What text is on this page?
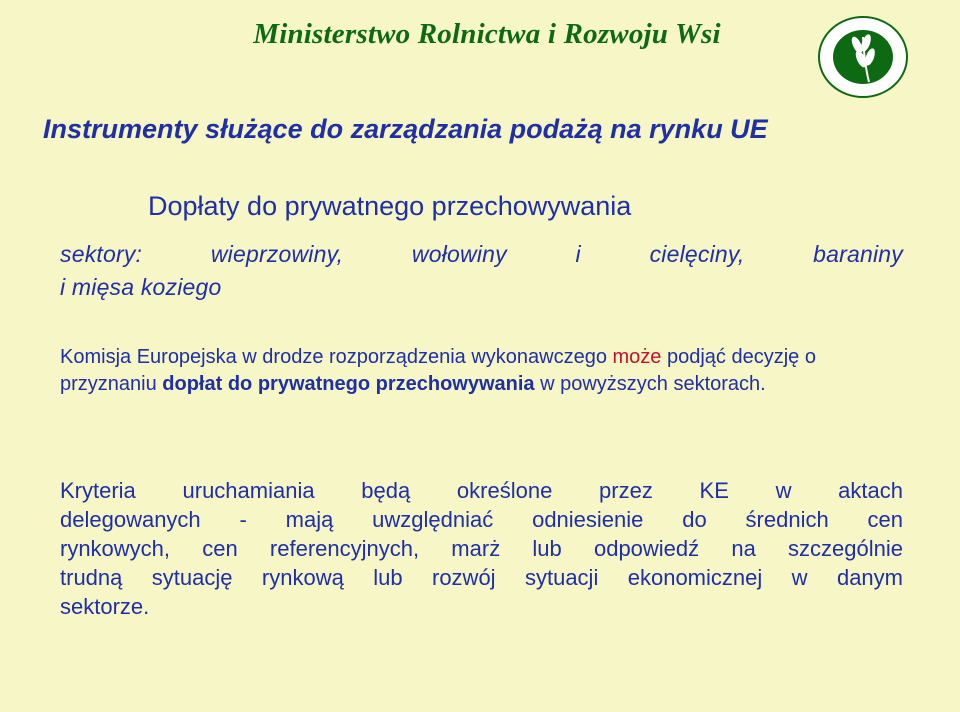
Ministerstwo Rolnictwa i Rozwoju Wsi
Instrumenty służące do zarządzania podażą na rynku UE
Dopłaty do prywatnego przechowywania
sektory: wieprzowiny, wołowiny i cielęciny, baraniny
i mięsa koziego
Komisja Europejska w drodze rozporządzenia wykonawczego może podjąć decyzję o przyznaniu dopłat do prywatnego przechowywania w powyższych sektorach.
Kryteria uruchamiania będą określone przez KE w aktach
delegowanych - mają uwzględniać odniesienie do średnich cen
rynkowych, cen referencyjnych, marż lub odpowiedź na szczególnie
trudną sytuację rynkową lub rozwój sytuacji ekonomicznej w danym
sektorze.
